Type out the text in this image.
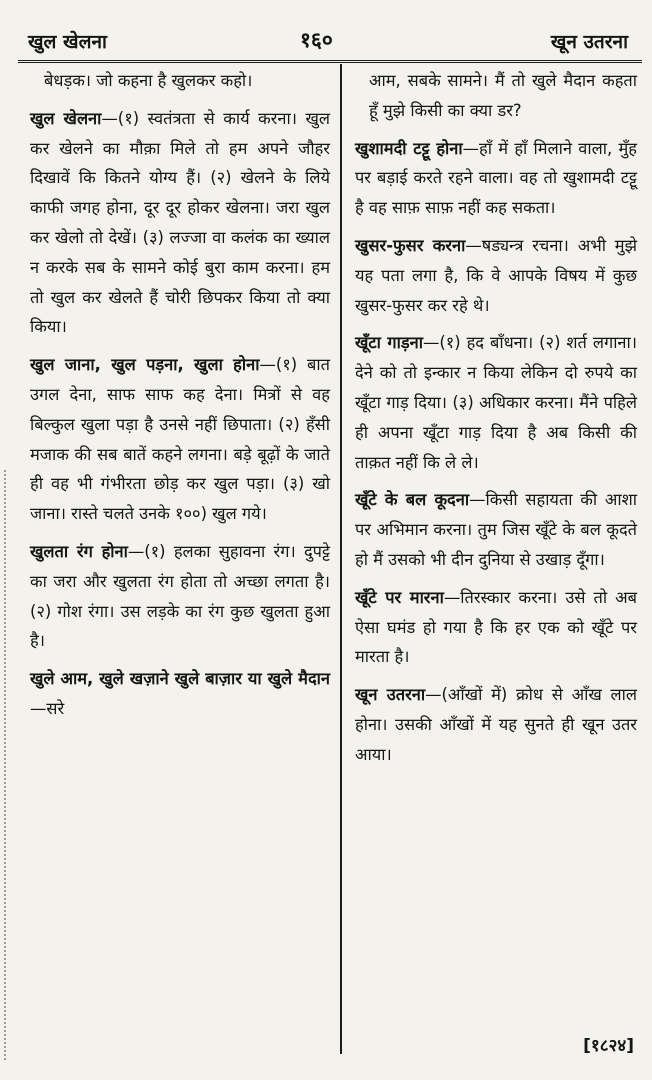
खुल खेलना	१६०	खून उतरना

बेधड़क। जो कहना है खुलकर कहो।

खुल खेलना—(१) स्वतंत्रता से कार्य करना। खुल कर खेलने का मौक़ा मिले तो हम अपने जौहर दिखावें कि कितने योग्य हैं। (२) खेलने के लिये काफी जगह होना, दूर दूर होकर खेलना। जरा खुल कर खेलो तो देखें। (३) लज्जा वा कलंक का ख्याल न करके सब के सामने कोई बुरा काम करना। हम तो खुल कर खेलते हैं चोरी छिपकर किया तो क्या किया।

खुल जाना, खुल पड़ना, खुला होना—(१) बात उगल देना, साफ साफ कह देना। मित्रों से वह बिल्कुल खुला पड़ा है उनसे नहीं छिपाता। (२) हँसी मजाक की सब बातें कहने लगना। बड़े बूढ़ों के जाते ही वह भी गंभीरता छोड़ कर खुल पड़ा। (३) खो जाना। रास्ते चलते उनके १००) खुल गये।

खुलता रंग होना—(१) हलका सुहावना रंग। दुपट्टे का जरा और खुलता रंग होता तो अच्छा लगता है। (२) गोश रंगा। उस लड़के का रंग कुछ खुलता हुआ है।

खुले आम, खुले खज़ाने खुले बाज़ार या खुले मैदान—सरे

आम, सबके सामने। मैं तो खुले मैदान कहता हूँ मुझे किसी का क्या डर?

खुशामदी टट्टू होना—हाँ में हाँ मिलाने वाला, मुँह पर बड़ाई करते रहने वाला। वह तो खुशामदी टट्टू है वह साफ़ साफ़ नहीं कह सकता।

खुसर-फुसर करना—षड्यन्त्र रचना। अभी मुझे यह पता लगा है, कि वे आपके विषय में कुछ खुसर-फुसर कर रहे थे।

खूँटा गाड़ना—(१) हद बाँधना। (२) शर्त लगाना। देने को तो इन्कार न किया लेकिन दो रुपये का खूँटा गाड़ दिया। (३) अधिकार करना। मैंने पहिले ही अपना खूँटा गाड़ दिया है अब किसी की ताक़त नहीं कि ले ले।

खूँटे के बल कूदना—किसी सहायता की आशा पर अभिमान करना। तुम जिस खूँटे के बल कूदते हो मैं उसको भी दीन दुनिया से उखाड़ दूँगा।

खूँटे पर मारना—तिरस्कार करना। उसे तो अब ऐसा घमंड हो गया है कि हर एक को खूँटे पर मारता है।

खून उतरना—(आँखों में) क्रोध से आँख लाल होना। उसकी आँखों में यह सुनते ही खून उतर आया।

[१८२४]
